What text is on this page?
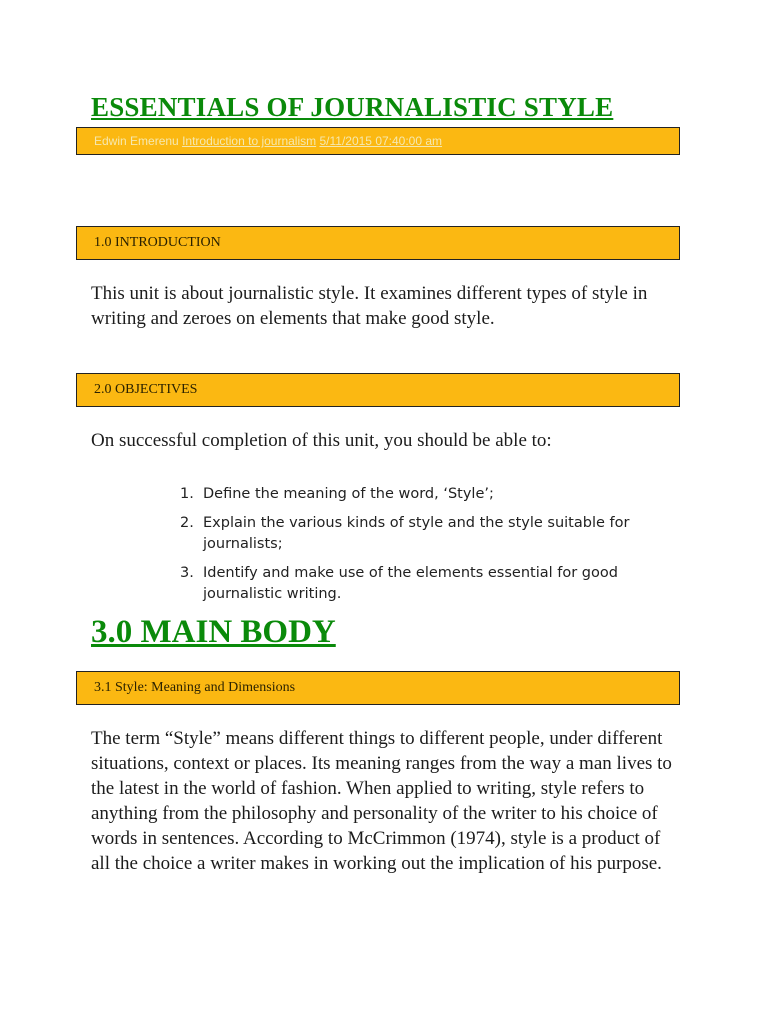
ESSENTIALS OF JOURNALISTIC STYLE
Edwin Emerenu Introduction to journalism 5/11/2015 07:40:00 am
1.0 INTRODUCTION
This unit is about journalistic style. It examines different types of style in writing and zeroes on elements that make good style.
2.0 OBJECTIVES
On successful completion of this unit, you should be able to:
1. Define the meaning of the word, ‘Style’;
2. Explain the various kinds of style and the style suitable for journalists;
3. Identify and make use of the elements essential for good journalistic writing.
3.0 MAIN BODY
3.1 Style: Meaning and Dimensions
The term “Style” means different things to different people, under different situations, context or places. Its meaning ranges from the way a man lives to the latest in the world of fashion. When applied to writing, style refers to anything from the philosophy and personality of the writer to his choice of words in sentences. According to McCrimmon (1974), style is a product of all the choice a writer makes in working out the implication of his purpose.
